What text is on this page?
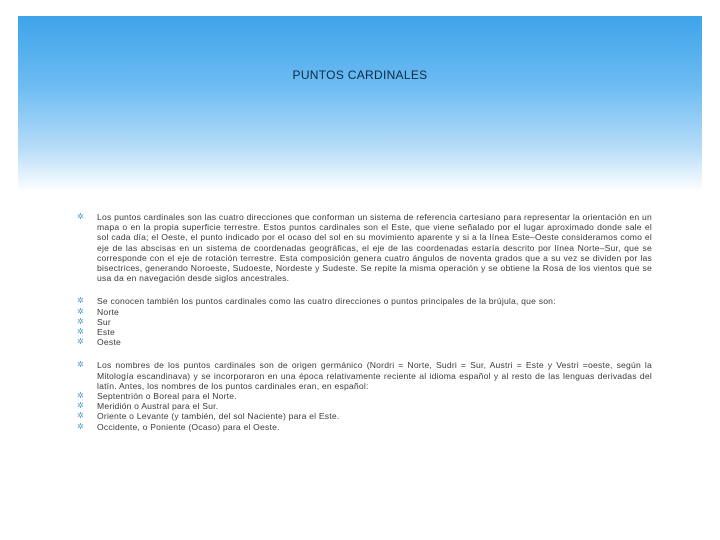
PUNTOS CARDINALES
✲ Los puntos cardinales son las cuatro direcciones que conforman un sistema de referencia cartesiano para representar la orientación en un mapa o en la propia superficie terrestre. Estos puntos cardinales son el Este, que viene señalado por el lugar aproximado donde sale el sol cada día; el Oeste, el punto indicado por el ocaso del sol en su movimiento aparente y si a la línea Este–Oeste consideramos como el eje de las abscisas en un sistema de coordenadas geográficas, el eje de las coordenadas estaría descrito por línea Norte–Sur, que se corresponde con el eje de rotación terrestre. Esta composición genera cuatro ángulos de noventa grados que a su vez se dividen por las bisectrices, generando Noroeste, Sudoeste, Nordeste y Sudeste. Se repite la misma operación y se obtiene la Rosa de los vientos que se usa da en navegación desde siglos ancestrales.
✲ Se conocen también los puntos cardinales como las cuatro direcciones o puntos principales de la brújula, que son:
✲ Norte
✲ Sur
✲ Este
✲ Oeste
✲ Los nombres de los puntos cardinales son de origen germánico (Nordri = Norte, Sudri = Sur, Austri = Este y Vestri =oeste, según la Mitología escandinava) y se incorporaron en una época relativamente reciente al idioma español y al resto de las lenguas derivadas del latín. Antes, los nombres de los puntos cardinales eran, en español:
✲ Septentrión o Boreal para el Norte.
✲ Meridión o Austral para el Sur.
✲ Oriente o Levante (y también, del sol Naciente) para el Este.
✲ Occidente, o Poniente (Ocaso) para el Oeste.
